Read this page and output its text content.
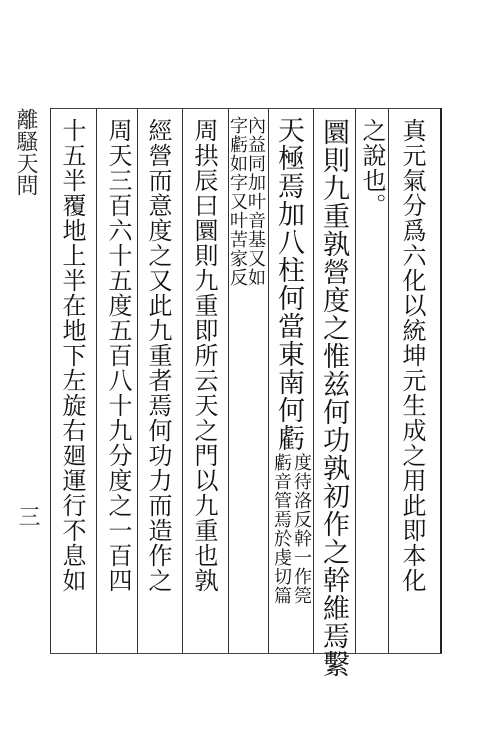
真元氣分爲六化以統坤元生成之用此即本化
之說也。
圜則九重孰營度之惟兹何功孰初作之幹維焉繫
天極焉加八柱何當東南何虧
度待洛反幹一作筦
虧音管焉於虔切篇
內益同加叶音基又如
字虧如字又叶苦家反
周拱辰曰圜則九重即所云天之門以九重也孰
經營而意度之又此九重者焉何功力而造作之
周天三百六十五度五百八十九分度之一百四
十五半覆地上半在地下左旋右廻運行不息如
離騷天問
三
